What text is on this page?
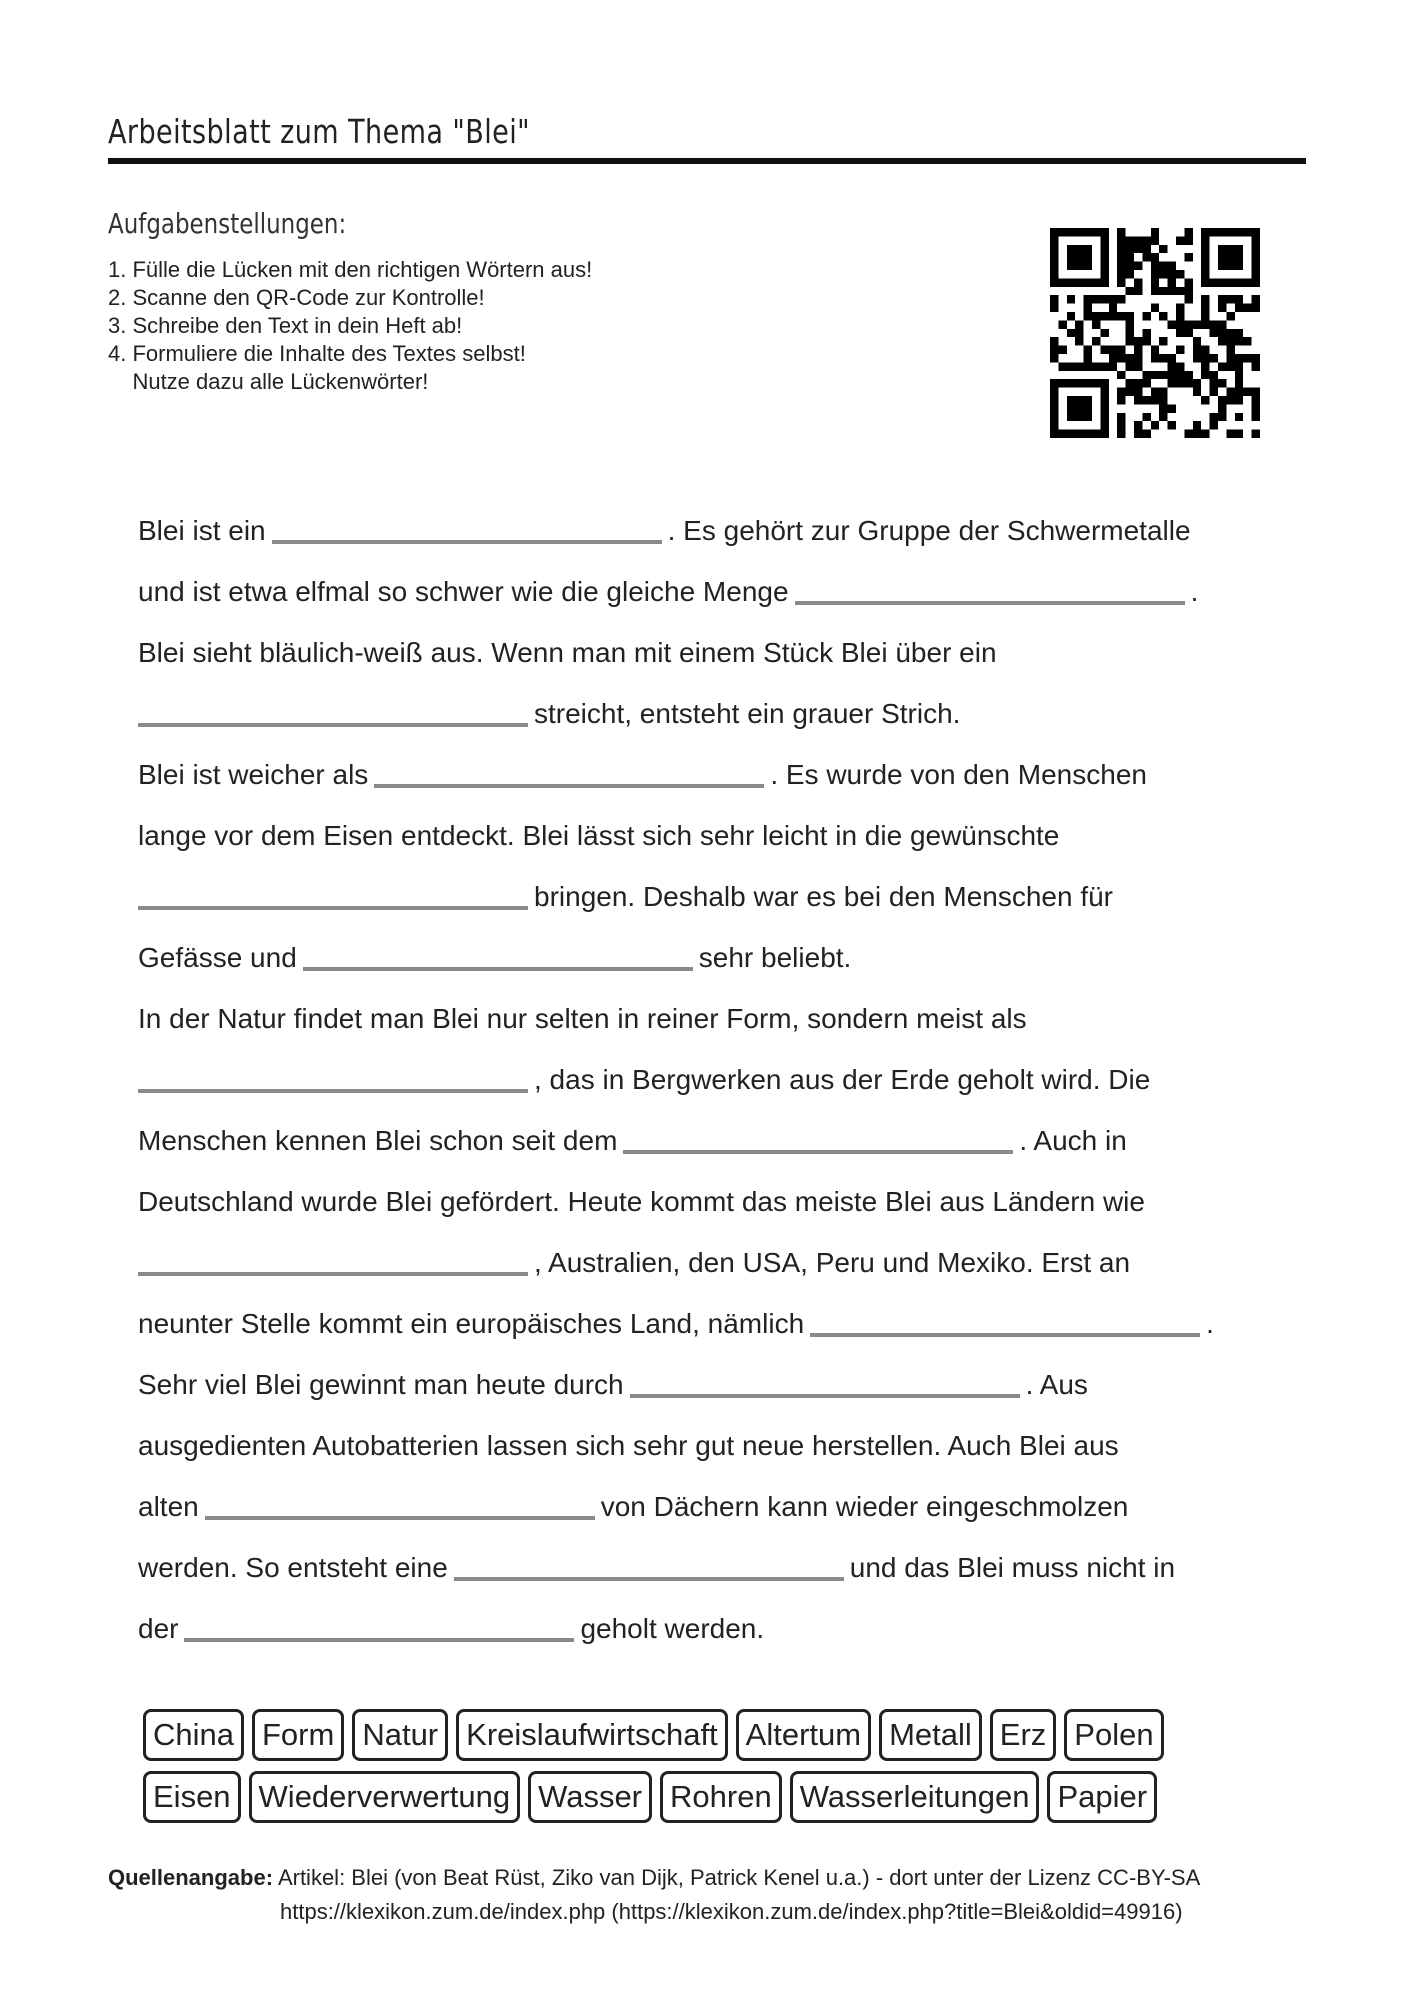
Arbeitsblatt zum Thema "Blei"
Aufgabenstellungen:
1. Fülle die Lücken mit den richtigen Wörtern aus!
2. Scanne den QR-Code zur Kontrolle!
3. Schreibe den Text in dein Heft ab!
4. Formuliere die Inhalte des Textes selbst!
Nutze dazu alle Lückenwörter!
Blei ist ein	. Es gehört zur Gruppe der Schwermetalle
und ist etwa elfmal so schwer wie die gleiche Menge	.
Blei sieht bläulich-weiß aus. Wenn man mit einem Stück Blei über ein
streicht, entsteht ein grauer Strich.
Blei ist weicher als	. Es wurde von den Menschen
lange vor dem Eisen entdeckt. Blei lässt sich sehr leicht in die gewünschte
bringen. Deshalb war es bei den Menschen für
Gefässe und	sehr beliebt.
In der Natur findet man Blei nur selten in reiner Form, sondern meist als
, das in Bergwerken aus der Erde geholt wird. Die
Menschen kennen Blei schon seit dem	. Auch in
Deutschland wurde Blei gefördert. Heute kommt das meiste Blei aus Ländern wie
, Australien, den USA, Peru und Mexiko. Erst an
neunter Stelle kommt ein europäisches Land, nämlich	.
Sehr viel Blei gewinnt man heute durch	. Aus
ausgedienten Autobatterien lassen sich sehr gut neue herstellen. Auch Blei aus
alten	von Dächern kann wieder eingeschmolzen
werden. So entsteht eine	und das Blei muss nicht in
der	geholt werden.
China Form Natur Kreislaufwirtschaft Altertum Metall Erz Polen
Eisen Wiederverwertung Wasser Rohren Wasserleitungen Papier
Quellenangabe: Artikel: Blei (von Beat Rüst, Ziko van Dijk, Patrick Kenel u.a.) - dort unter der Lizenz CC-BY-SA
https://klexikon.zum.de/index.php (https://klexikon.zum.de/index.php?title=Blei&oldid=49916)
